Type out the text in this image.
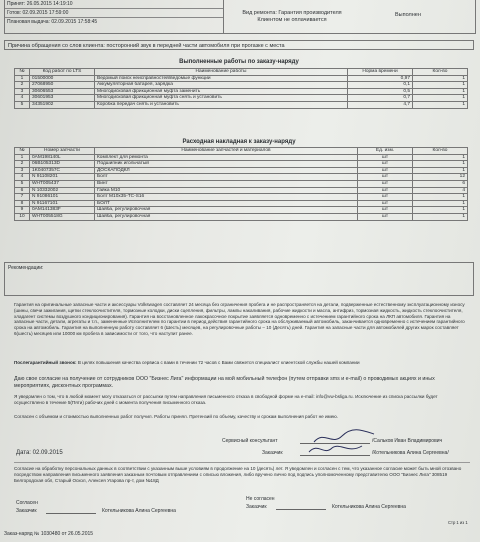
Принят: 26.05.2015 14:19:10
Готов: 02.09.2015 17:59:00
Плановая выдача: 02.09.2015 17:58:45
Вид ремонта: Гарантия производителя
Клиентом не оплачивается
Выполнен
Причина обращения со слов клиента: посторонний звук в передней части автомобиля при прогазке с места
Выполненные работы по заказу-наряду
№	Код работ по LTS	Наименование работы	Норма времени	Кол-во
1	01500000	Ведомый поиск неисправностей/ведомые функции	0,97	1
2	27068950	Аккумуляторная батарея, зарядка	0,1	1
3	30606553	Многодисковая фрикционная муфта заменить	0,5	1
4	30601953	Многодисковая фрикционная муфта снять и установить	0,7	1
5	34351902	Коробка передач снять и установить	4,7	1
Расходная накладная к заказу-наряду
№	Номер запчасти	Наименование запчастей и материалов	Ед. изм.	Кол-во
1	0AM198140L	Комплект для ремонта	шт	1
2	06B105313D	Подшипник игольчатый	шт	1
3	1K0407357C	ДОСКАПОДКЛ	шт	1
4	N 91108201	Болт	шт	12
5	WHT005437	Винт	шт	6
6	N 10332002	Гайка М10	шт	4
7	N 91086101	Болт М10х35-ТС-S16	шт	1
8	N 91167101	БОЛТ	шт	1
9	0AM141383F	Шайба, регулировочная	шт	1
10	WHT005518G	Шайба, регулировочная	шт	1
Рекомендации:
Гарантия на оригинальные запасные части и аксессуары Volkswagen составляет 24 месяца без ограничения пробега и не распространяется на детали, подверженные естественному эксплуатационному износу (шины, свечи зажигания, щетки стеклоочистителя, тормозные колодки, диски сцепления, фильтры, лампы накаливания, рабочие жидкости и масла, антифриз, тормозная жидкость, жидкость стеклоочистителя, хладагент системы воздушного кондиционирования). Гарантия на восстановленное лакокрасочное покрытие заявляется одновременно с истечением гарантийного срока на ЛКП автомобиля. Гарантия на запасные части, детали, агрегаты и т.п., замененные Исполнителем по гарантии в период действия гарантийного срока на обслуживаемый автомобиль, заканчивается одновременно с истечением гарантийного срока на автомобиль. Гарантия на выполненную работу составляет 6 (Шесть) месяцев, на регулировочные работы – 10 (Десять) дней. Гарантия на запасные части для автомобилей других марок составляет 6(шесть) месяцев или 10000 км пробега в зависимости от того, что наступит ранее.
Послегарантийный звонок: В целях повышения качества сервиса с вами в течении 72 часов с Вами свяжется специалист клиентской службы нашей компании
Даю свое согласие на получение от сотрудников ООО "Бизнес Лига" информации на мой мобильный телефон (путем отправки sms и e-mail) о проводимых акциях и иных мероприятиях, дисконтных программах.
Я уведомлен о том, что в любой момент могу отказаться от рассылки путем направления письменного отказа в свободной форме на e-mail: info@vw-bsliga.ru. Исключение из списка рассылки будет осуществлено в течение 5(Пяти) рабочих дней с момента получения письменного отказа.
Согласен с объемом и стоимостью выполненных работ получил. Работы принял. Претензий по объему, качеству и срокам выполнения работ не имею.
Дата: 02.09.2015
Сервисный консультант	/Сальков Иван Владимирович
Заказчик	/Котельникова Алина Сергеевна/
Согласие на обработку персональных данных в соответствии с указанным выше условиям в продолжение на 10 (десять) лет. Я уведомлен и согласен с тем, что указанное согласие может быть мной отозвано посредством направления письменного заявления заказным почтовым отправлением с описью вложения, либо вручено лично под подпись уполномоченному представителю ООО "Бизнес Лига" 308519 Белгородская обл, Старый Оскол, Алексея Угарова пр-т, дом №18Д
Согласен
Заказчик	Котельникова Алина Сергеевна
Не согласен
Заказчик	Котельникова Алина Сергеевна
Заказ-наряд № 1030480 от 26.05.2015
Стр 1 из 1
